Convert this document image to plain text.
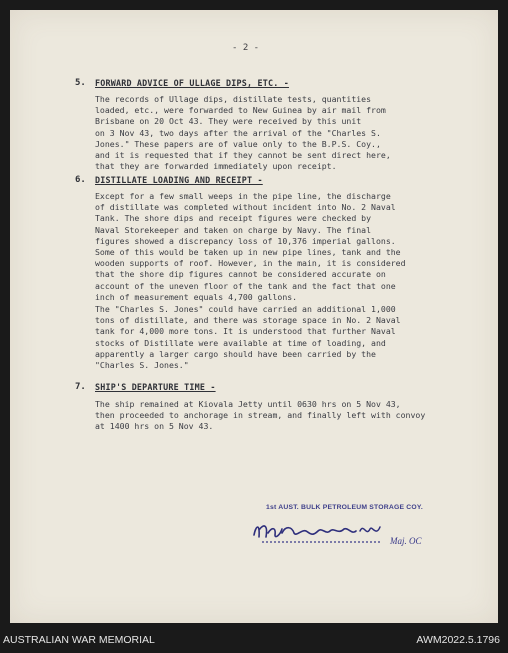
- 2 -
5. FORWARD ADVICE OF ULLAGE DIPS, ETC. -
The records of Ullage dips, distillate tests, quantities
loaded, etc., were forwarded to New Guinea by air mail from
Brisbane on 20 Oct 43. They were received by this unit
on 3 Nov 43, two days after the arrival of the "Charles S.
Jones." These papers are of value only to the B.P.S. Coy.,
and it is requested that if they cannot be sent direct here,
that they are forwarded immediately upon receipt.
6. DISTILLATE LOADING AND RECEIPT -
Except for a few small weeps in the pipe line, the discharge
of distillate was completed without incident into No. 2 Naval
Tank. The shore dips and receipt figures were checked by
Naval Storekeeper and taken on charge by Navy. The final
figures showed a discrepancy loss of 10,376 imperial gallons.
Some of this would be taken up in new pipe lines, tank and the
wooden supports of roof. However, in the main, it is considered
that the shore dip figures cannot be considered accurate on
account of the uneven floor of the tank and the fact that one
inch of measurement equals 4,700 gallons.
The "Charles S. Jones" could have carried an additional 1,000
tons of distillate, and there was storage space in No. 2 Naval
tank for 4,000 more tons. It is understood that further Naval
stocks of Distillate were available at time of loading, and
apparently a larger cargo should have been carried by the
"Charles S. Jones."
7. SHIP'S DEPARTURE TIME -
The ship remained at Kiovala Jetty until 0630 hrs on 5 Nov 43,
then proceeded to anchorage in stream, and finally left with convoy
at 1400 hrs on 5 Nov 43.
1st AUST. BULK PETROLEUM STORAGE COY.
Maj. OC
AUSTRALIAN WAR MEMORIAL	AWM2022.5.1796
